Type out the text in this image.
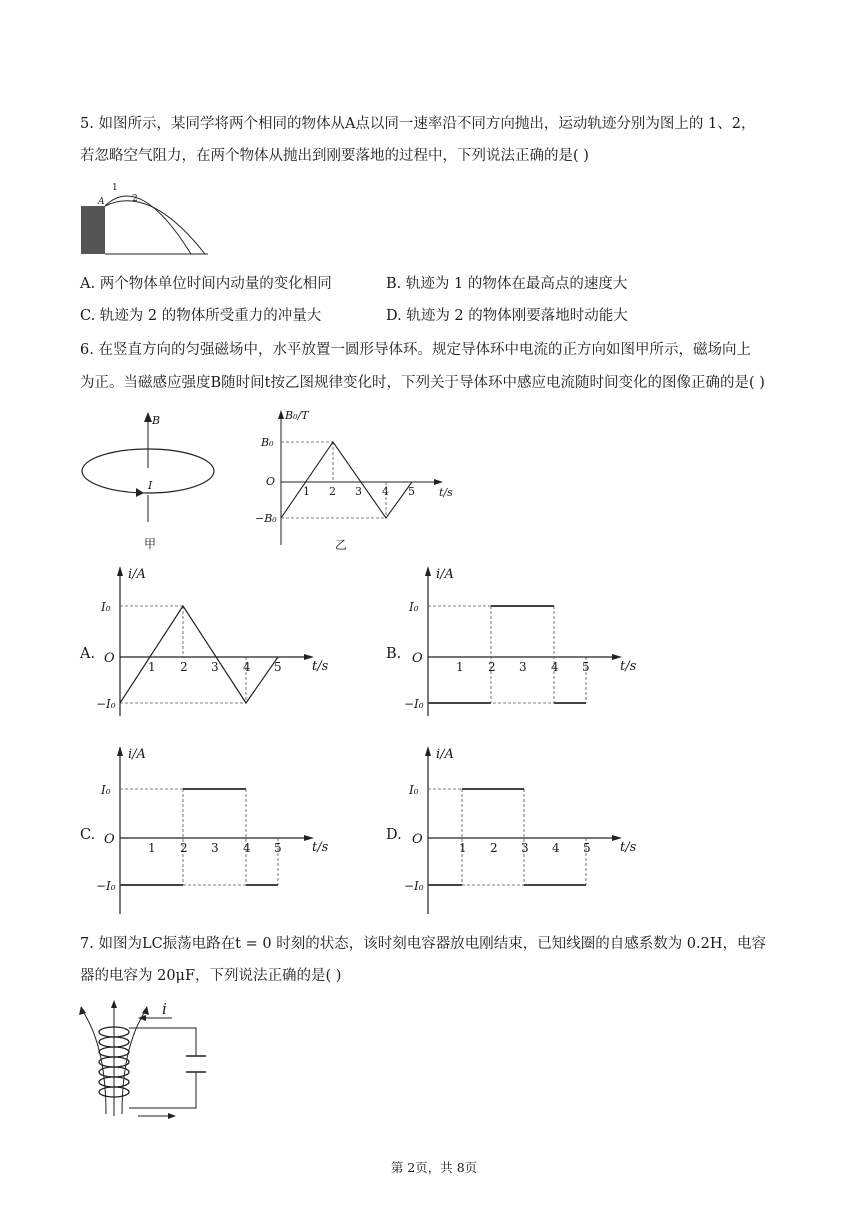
5. 如图所示，某同学将两个相同的物体从A点以同一速率沿不同方向抛出，运动轨迹分别为图上的 1、2，
若忽略空气阻力，在两个物体从抛出到刚要落地的过程中，下列说法正确的是( )
A
1
2
A. 两个物体单位时间内动量的变化相同	B. 轨迹为 1 的物体在最高点的速度大
C. 轨迹为 2 的物体所受重力的冲量大	D. 轨迹为 2 的物体刚要落地时动能大
6. 在竖直方向的匀强磁场中，水平放置一圆形导体环。规定导体环中电流的正方向如图甲所示，磁场向上
为正。当磁感应强度B随时间t按乙图规律变化时，下列关于导体环中感应电流随时间变化的图像正确的是( )
B
I
甲
B₀/T
B₀
−B₀
O
t/s
1 2 3 4 5
乙
A.
i/A
I₀
−I₀
O
t/s
1 2 3 4 5
B.
i/A
I₀
−I₀
O
t/s
1 2 3 4 5
C.
i/A
I₀
−I₀
O
t/s
1 2 3 4 5
D.
i/A
I₀
−I₀
O
t/s
1 2 3 4 5
7. 如图为LC振荡电路在t = 0 时刻的状态，该时刻电容器放电刚结束，已知线圈的自感系数为 0.2H，电容
器的电容为 20μF，下列说法正确的是( )
i
第 2页，共 8页
